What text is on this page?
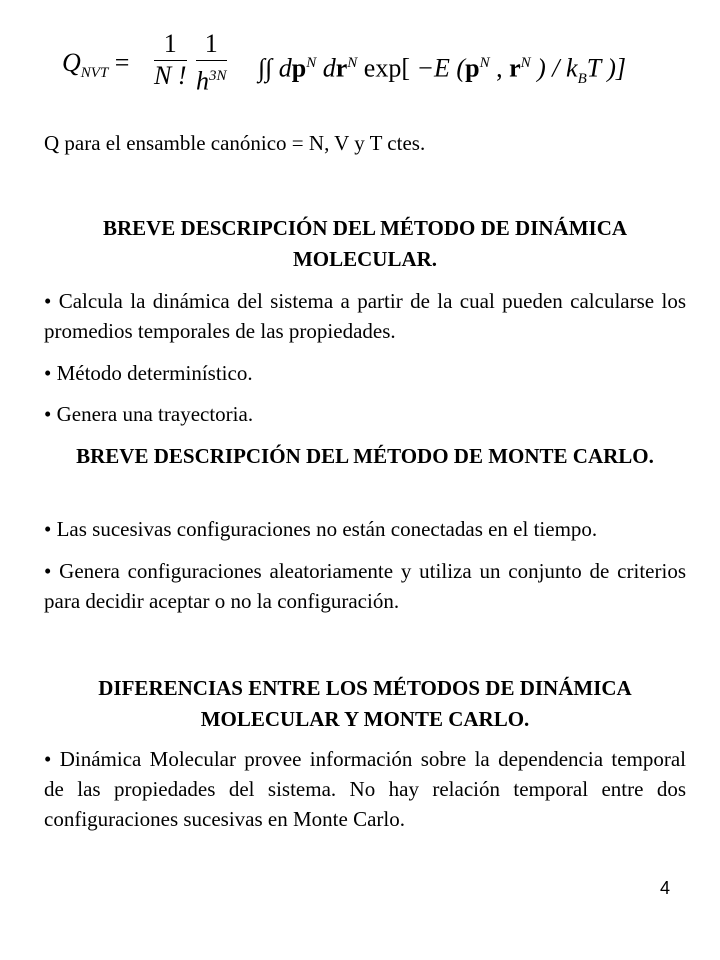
$Q_{NVT} = \frac{1}{N !} \frac{1}{h^{3N}}$ ∫∫ $dp^N$ $dr^N$ exp[ −E ($p^N$ , $r^N$ ) / $k_BT$ )]
Q para el ensamble canónico = N, V y T ctes.
BREVE DESCRIPCIÓN DEL MÉTODO DE DINÁMICA MOLECULAR.
• Calcula la dinámica del sistema a partir de la cual pueden calcularse los promedios temporales de las propiedades.
• Método determinístico.
• Genera una trayectoria.
BREVE DESCRIPCIÓN DEL MÉTODO DE MONTE CARLO.
• Las sucesivas configuraciones no están conectadas en el tiempo.
• Genera configuraciones aleatoriamente y utiliza un conjunto de criterios para decidir aceptar o no la configuración.
DIFERENCIAS ENTRE LOS MÉTODOS DE DINÁMICA MOLECULAR Y MONTE CARLO.
• Dinámica Molecular provee información sobre la dependencia temporal de las propiedades del sistema. No hay relación temporal entre dos configuraciones sucesivas en Monte Carlo.
4
